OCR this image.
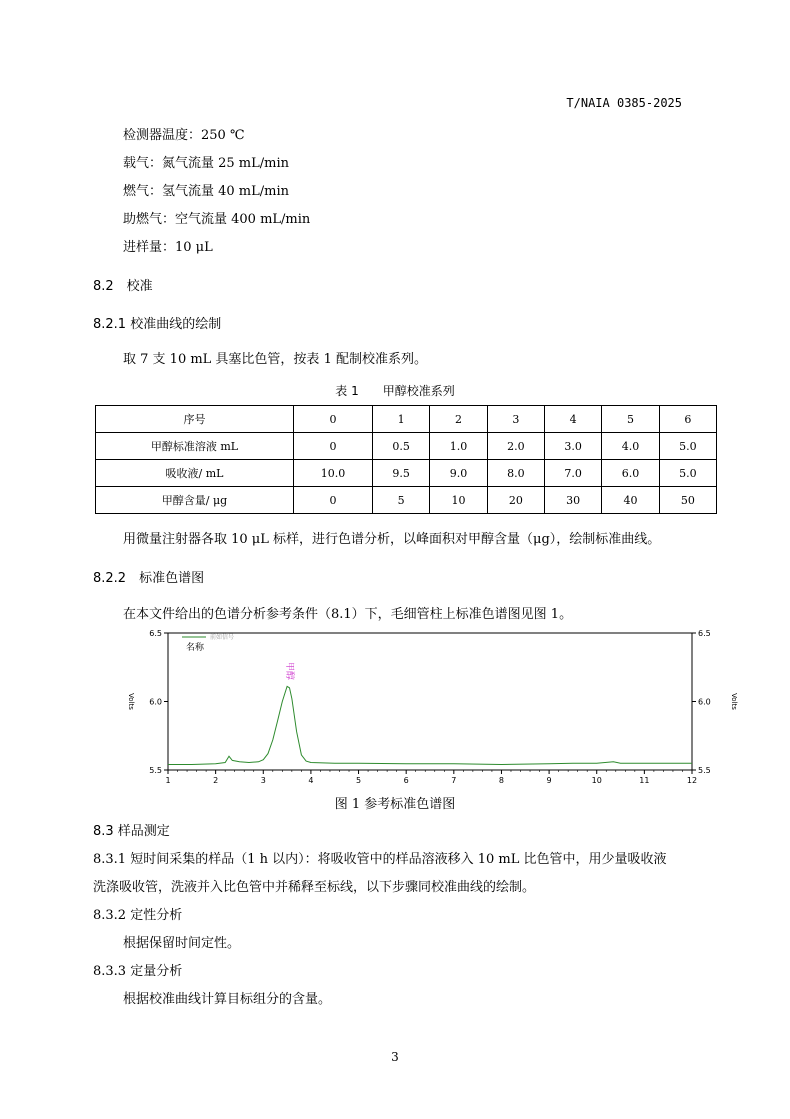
T/NAIA 0385-2025
检测器温度：250 ℃
载气：氮气流量 25 mL/min
燃气：氢气流量 40 mL/min
助燃气：空气流量 400 mL/min
进样量：10 μL
8.2　校准
8.2.1 校准曲线的绘制
取 7 支 10 mL 具塞比色管，按表 1 配制校准系列。
表 1　　甲醇校准系列
序号	0	1	2	3	4	5	6
甲醇标准溶液 mL	0	0.5	1.0	2.0	3.0	4.0	5.0
吸收液/ mL	10.0	9.5	9.0	8.0	7.0	6.0	5.0
甲醇含量/ μg	0	5	10	20	30	40	50
用微量注射器各取 10 μL 标样，进行色谱分析，以峰面积对甲醇含量（μg），绘制标准曲线。
8.2.2　标准色谱图
在本文件给出的色谱分析参考条件（8.1）下，毛细管柱上标准色谱图见图 1。
1	2	3	4	5	6	7	8	9	10	11	12
5.5	5.5
6.0	6.0
6.5	6.5
Volts	Volts
前如信号
名称
甲醇
图 1 参考标准色谱图
8.3 样品测定
8.3.1 短时间采集的样品（1 h 以内）：将吸收管中的样品溶液移入 10 mL 比色管中，用少量吸收液
洗涤吸收管，洗液并入比色管中并稀释至标线，以下步骤同校准曲线的绘制。
8.3.2 定性分析
根据保留时间定性。
8.3.3 定量分析
根据校准曲线计算目标组分的含量。
3
